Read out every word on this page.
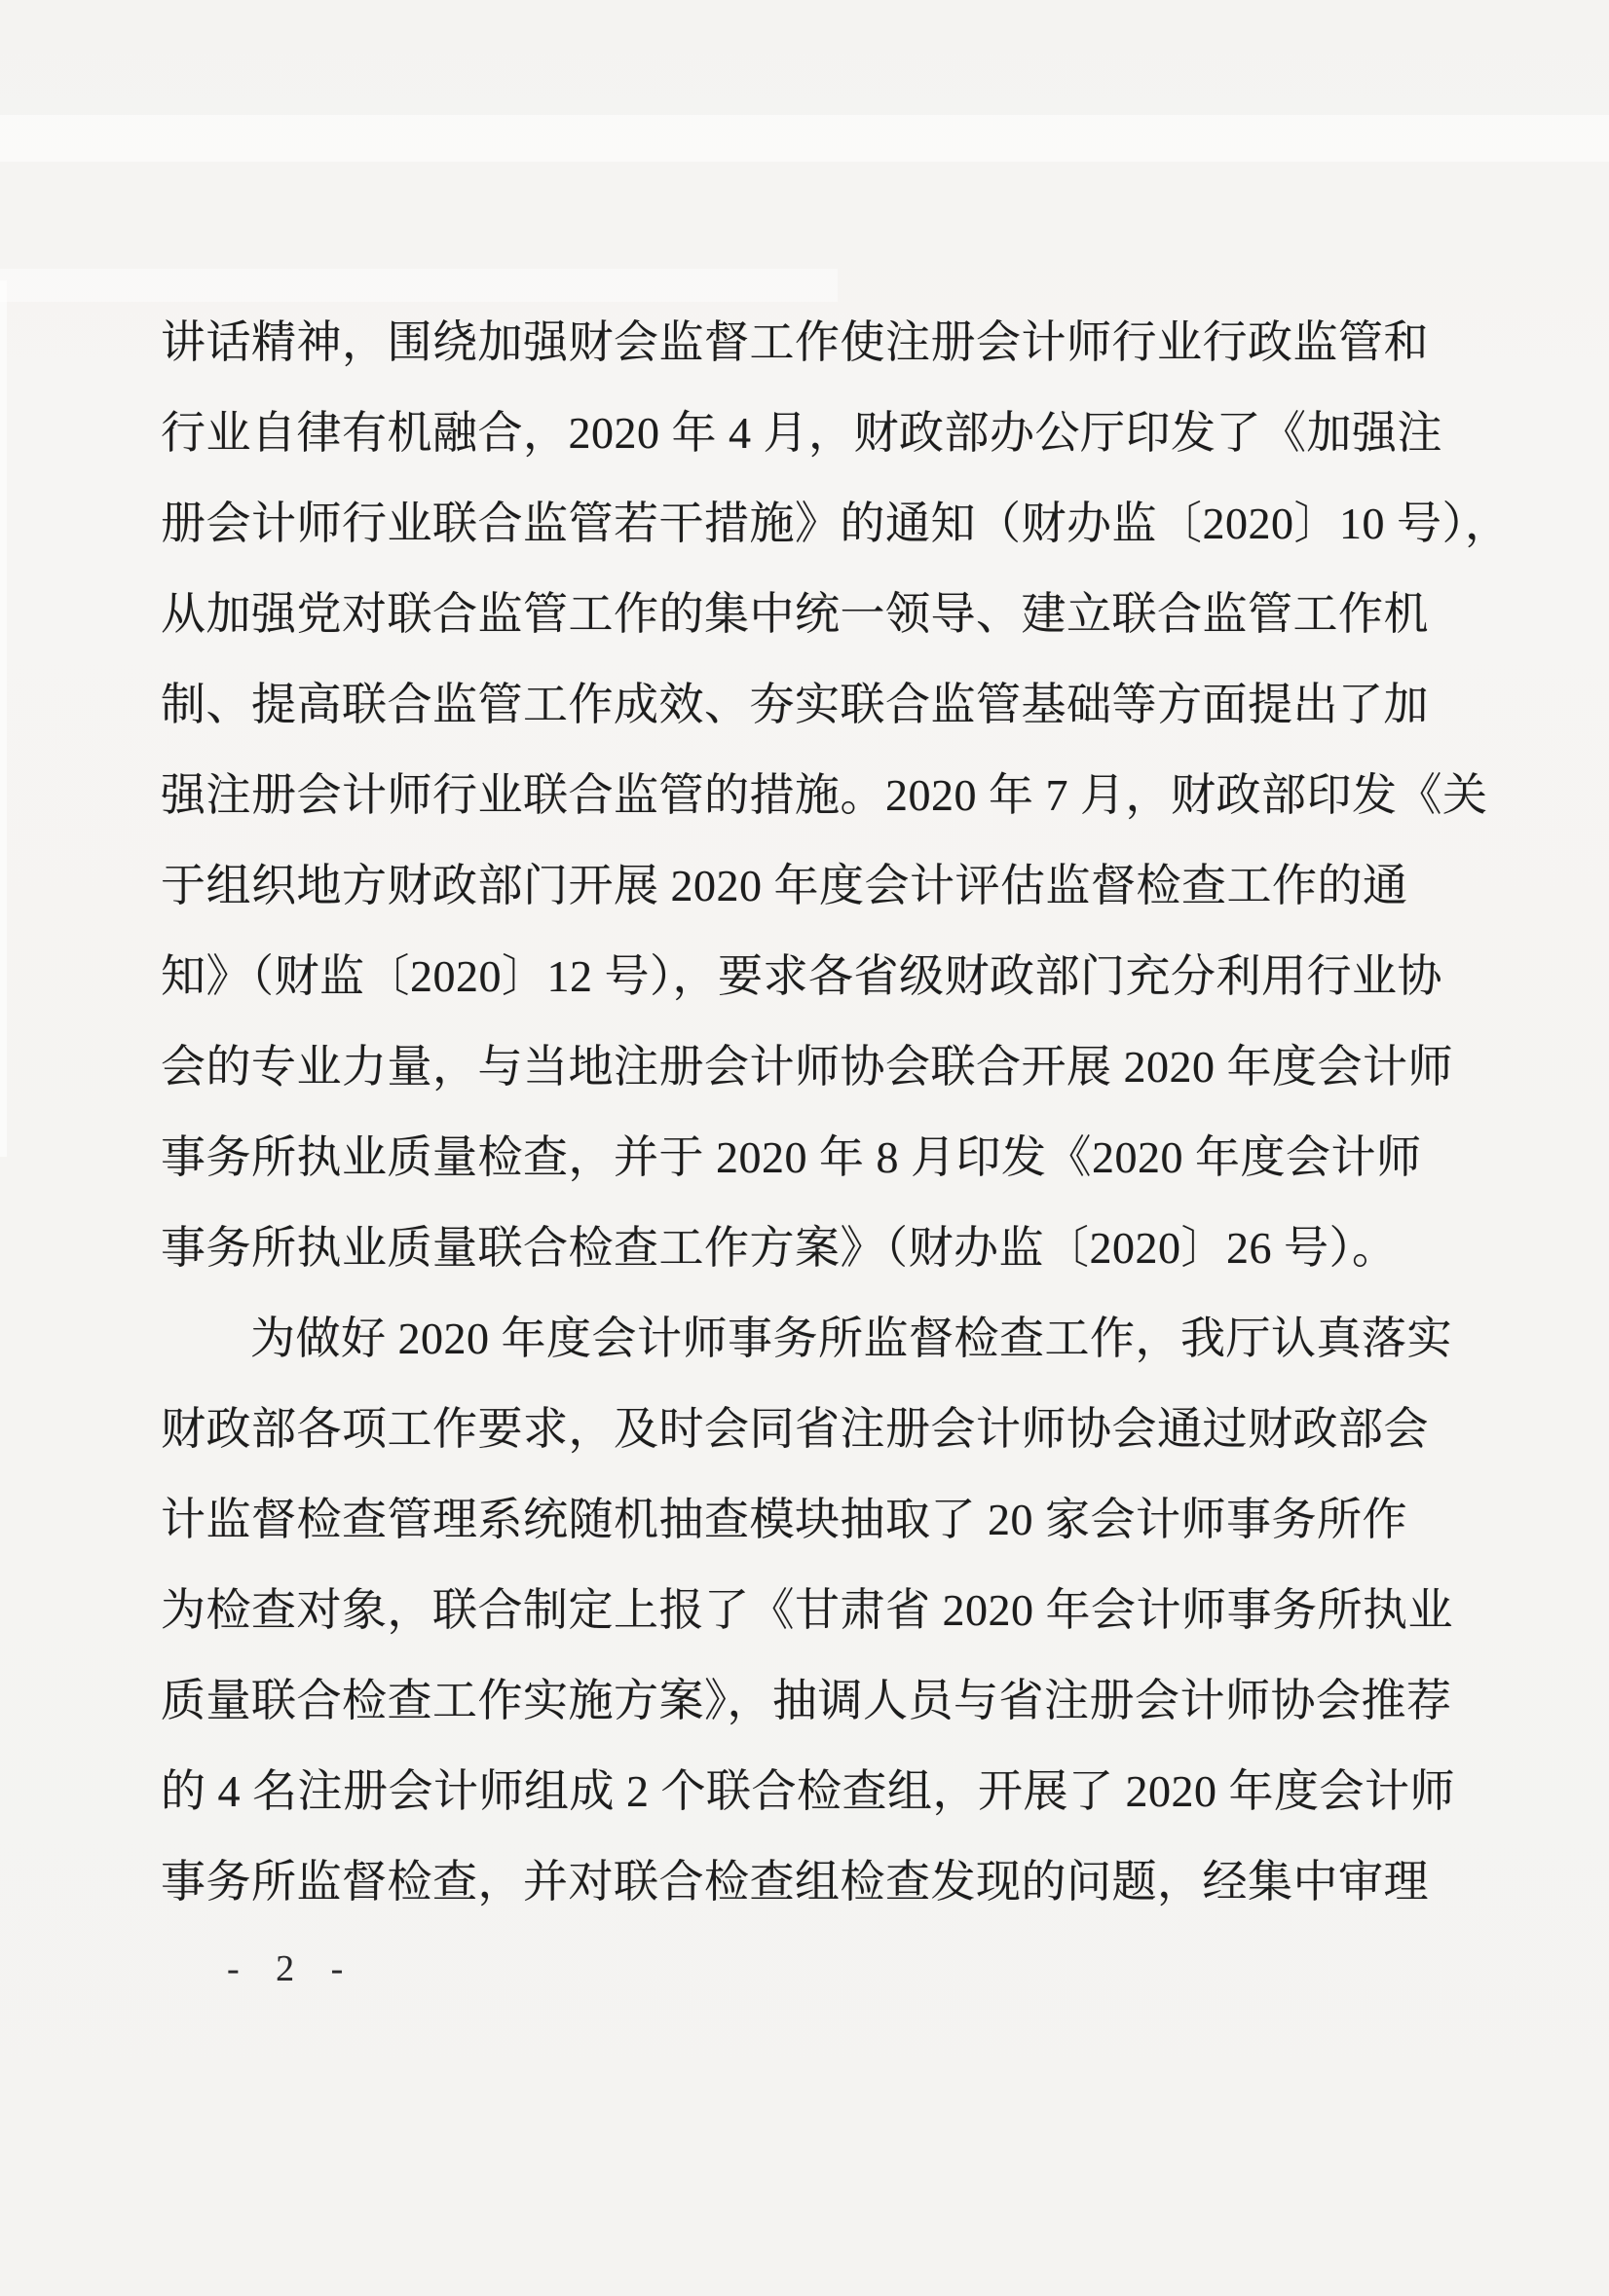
讲话精神，围绕加强财会监督工作使注册会计师行业行政监管和
行业自律有机融合，2020 年 4 月，财政部办公厅印发了《加强注
册会计师行业联合监管若干措施》的通知（财办监〔2020〕10 号），
从加强党对联合监管工作的集中统一领导、建立联合监管工作机
制、提高联合监管工作成效、夯实联合监管基础等方面提出了加
强注册会计师行业联合监管的措施。2020 年 7 月，财政部印发《关
于组织地方财政部门开展 2020 年度会计评估监督检查工作的通
知》（财监〔2020〕12 号），要求各省级财政部门充分利用行业协
会的专业力量，与当地注册会计师协会联合开展 2020 年度会计师
事务所执业质量检查，并于 2020 年 8 月印发《2020 年度会计师
事务所执业质量联合检查工作方案》（财办监〔2020〕26 号）。
为做好 2020 年度会计师事务所监督检查工作，我厅认真落实
财政部各项工作要求，及时会同省注册会计师协会通过财政部会
计监督检查管理系统随机抽查模块抽取了 20 家会计师事务所作
为检查对象，联合制定上报了《甘肃省 2020 年会计师事务所执业
质量联合检查工作实施方案》，抽调人员与省注册会计师协会推荐
的 4 名注册会计师组成 2 个联合检查组，开展了 2020 年度会计师
事务所监督检查，并对联合检查组检查发现的问题，经集中审理
- 2 -
